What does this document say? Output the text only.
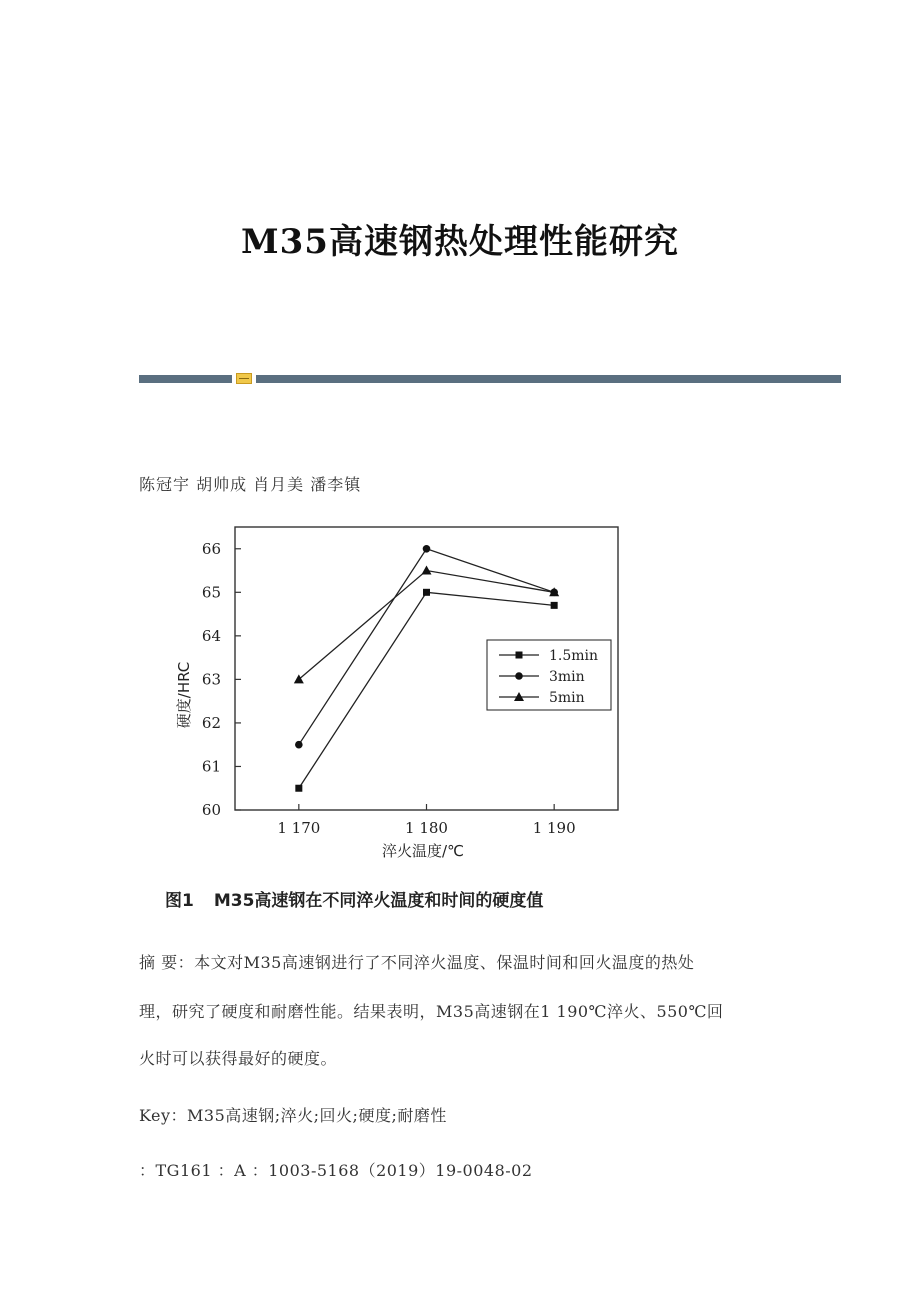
M35高速钢热处理性能研究
陈冠宇 胡帅成 肖月美 潘李镇
60
61
62
63
64
65
66
1 170	1 180	1 190
1.5min
3min
5min
硬度/HRC
淬火温度/℃
图1 M35高速钢在不同淬火温度和时间的硬度值
摘 要：本文对M35高速钢进行了不同淬火温度、保温时间和回火温度的热处
理，研究了硬度和耐磨性能。结果表明，M35高速钢在1 190℃淬火、550℃回
火时可以获得最好的硬度。
Key：M35高速钢;淬火;回火;硬度;耐磨性
：TG161 ：A ：1003-5168（2019）19-0048-02
